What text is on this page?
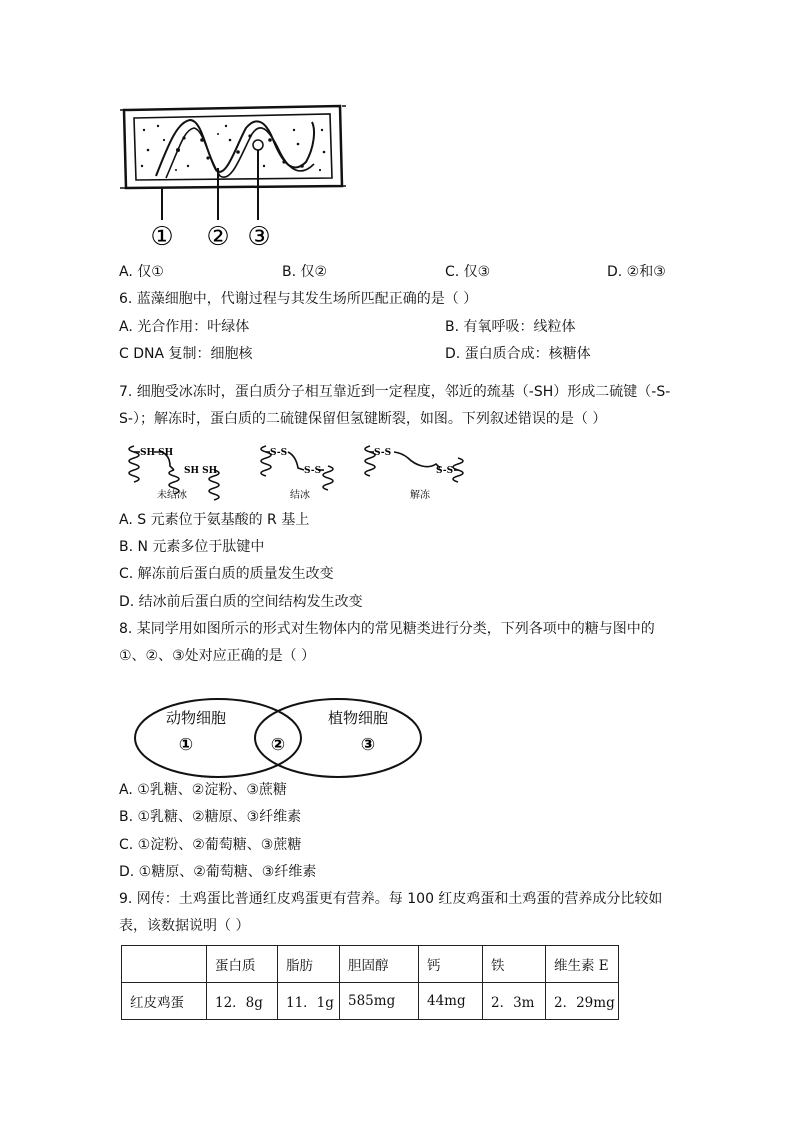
① ② ③
A. 仅①	B. 仅②	C. 仅③	D. ②和③
6. 蓝藻细胞中，代谢过程与其发生场所匹配正确的是（ ）
A. 光合作用：叶绿体	B. 有氧呼吸：线粒体
C DNA 复制：细胞核	D. 蛋白质合成：核糖体
7. 细胞受冰冻时，蛋白质分子相互靠近到一定程度，邻近的巯基（-SH）形成二硫键（-S-
S-）；解冻时，蛋白质的二硫键保留但氢键断裂，如图。下列叙述错误的是（ ）
SH SH
SH SH
S-S
S-S
S-S
S-S
未结冰	结冰	解冻
A. S 元素位于氨基酸的 R 基上
B. N 元素多位于肽键中
C. 解冻前后蛋白质的质量发生改变
D. 结冰前后蛋白质的空间结构发生改变
8. 某同学用如图所示的形式对生物体内的常见糖类进行分类，下列各项中的糖与图中的
①、②、③处对应正确的是（ ）
动物细胞	植物细胞
①	②	③
A. ①乳糖、②淀粉、③蔗糖
B. ①乳糖、②糖原、③纤维素
C. ①淀粉、②葡萄糖、③蔗糖
D. ①糖原、②葡萄糖、③纤维素
9. 网传：土鸡蛋比普通红皮鸡蛋更有营养。每 100 红皮鸡蛋和土鸡蛋的营养成分比较如
表，该数据说明（ ）
	蛋白质	脂肪	胆固醇	钙	铁	维生素 E
红皮鸡蛋	12．8g	11．1g	585mg	44mg	2．3m	2．29mg
